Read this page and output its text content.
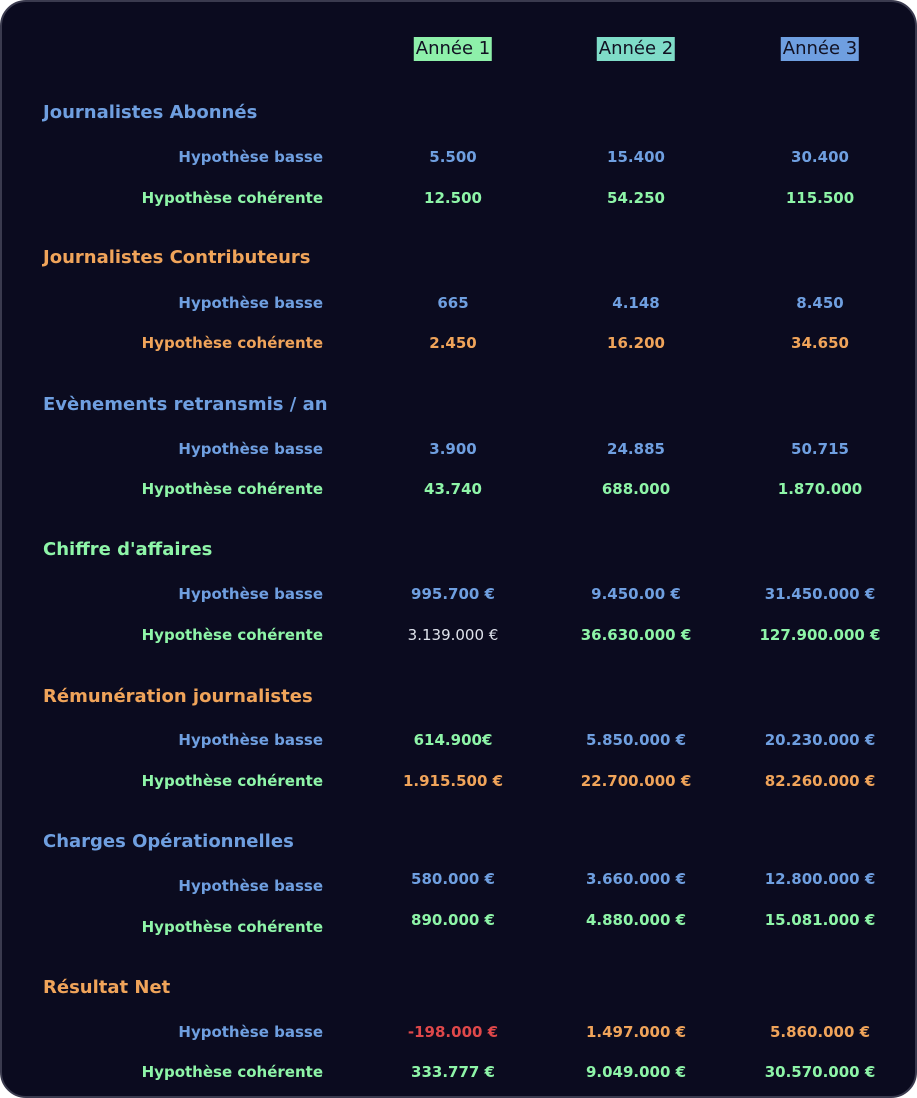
Année 1	Année 2	Année 3
Journalistes Abonnés
Hypothèse basse	5.500	15.400	30.400
Hypothèse cohérente	12.500	54.250	115.500
Journalistes Contributeurs
Hypothèse basse	665	4.148	8.450
Hypothèse cohérente	2.450	16.200	34.650
Evènements retransmis / an
Hypothèse basse	3.900	24.885	50.715
Hypothèse cohérente	43.740	688.000	1.870.000
Chiffre d'affaires
Hypothèse basse	995.700 €	9.450.00 €	31.450.000 €
Hypothèse cohérente	3.139.000 €	36.630.000 €	127.900.000 €
Rémunération journalistes
Hypothèse basse	614.900€	5.850.000 €	20.230.000 €
Hypothèse cohérente	1.915.500 €	22.700.000 €	82.260.000 €
Charges Opérationnelles
Hypothèse basse	580.000 €	3.660.000 €	12.800.000 €
Hypothèse cohérente	890.000 €	4.880.000 €	15.081.000 €
Résultat Net
Hypothèse basse	-198.000 €	1.497.000 €	5.860.000 €
Hypothèse cohérente	333.777 €	9.049.000 €	30.570.000 €
